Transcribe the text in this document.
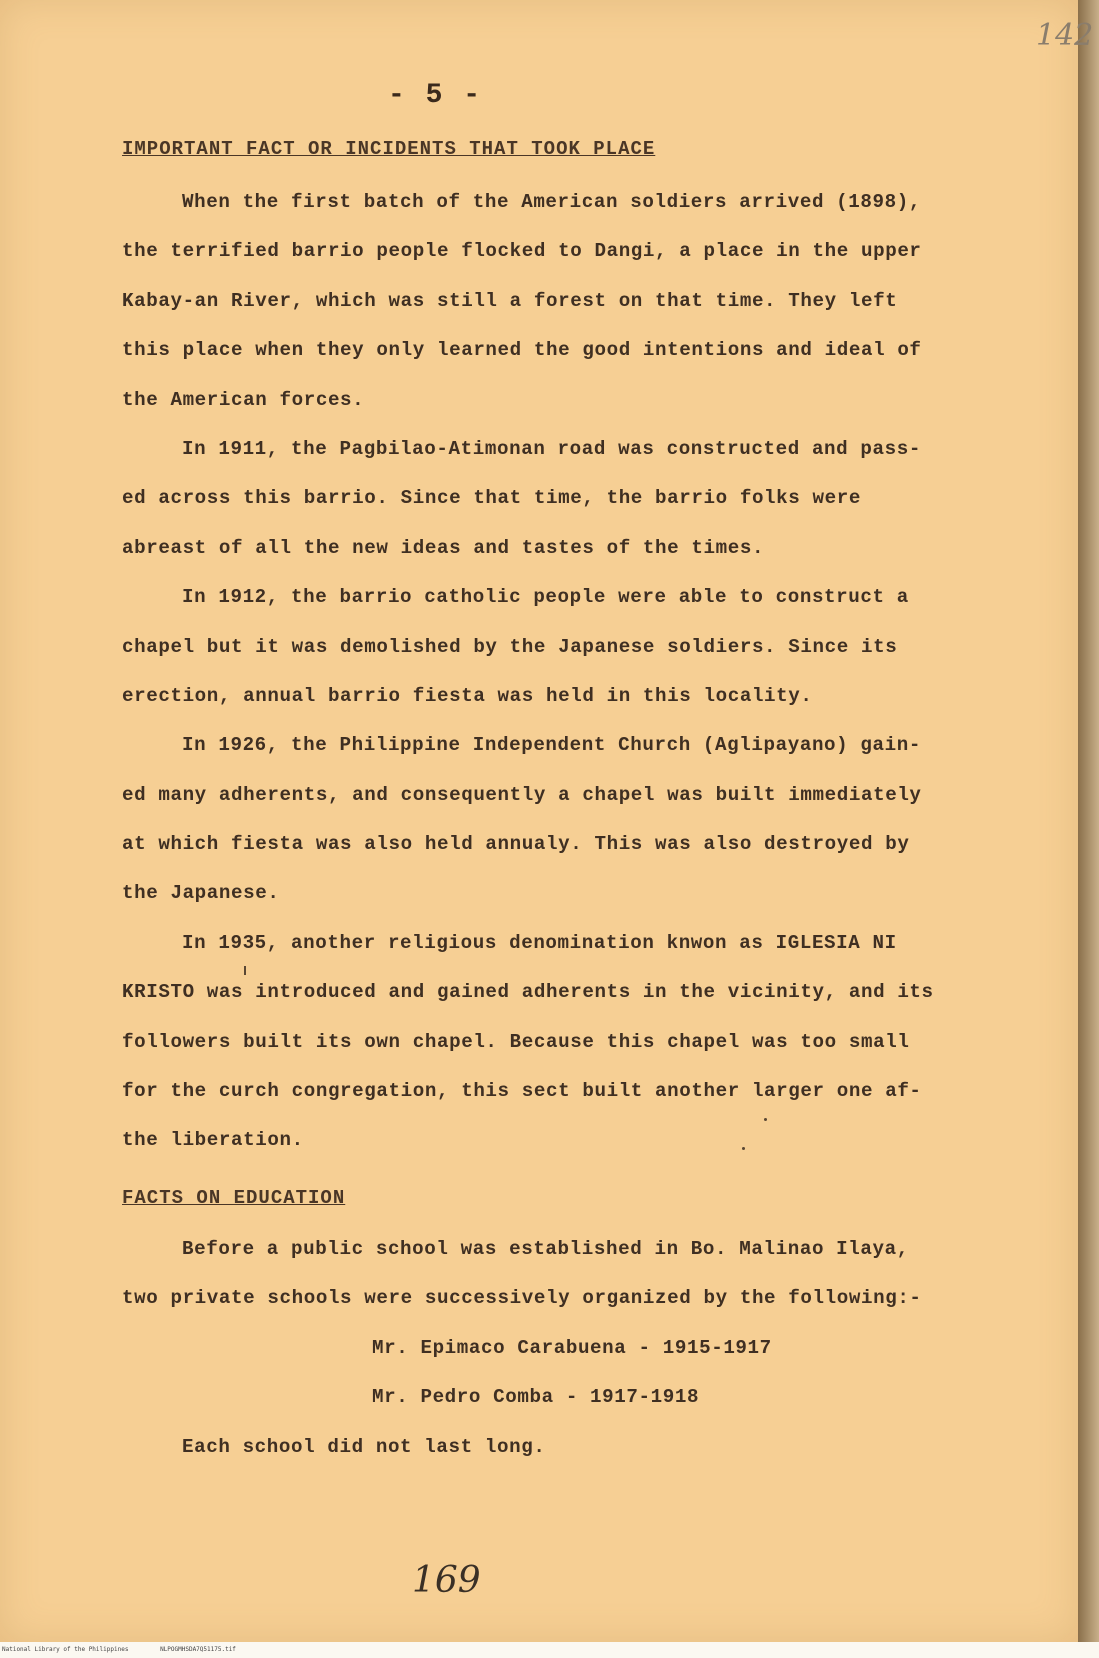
142
- 5 -
IMPORTANT FACT OR INCIDENTS THAT TOOK PLACE
When the first batch of the American soldiers arrived (1898),
the terrified barrio people flocked to Dangi, a place in the upper
Kabay-an River, which was still a forest on that time. They left
this place when they only learned the good intentions and ideal of
the American forces.
In 1911, the Pagbilao-Atimonan road was constructed and pass-
ed across this barrio. Since that time, the barrio folks were
abreast of all the new ideas and tastes of the times.
In 1912, the barrio catholic people were able to construct a
chapel but it was demolished by the Japanese soldiers. Since its
erection, annual barrio fiesta was held in this locality.
In 1926, the Philippine Independent Church (Aglipayano) gain-
ed many adherents, and consequently a chapel was built immediately
at which fiesta was also held annualy. This was also destroyed by
the Japanese.
In 1935, another religious denomination knwon as IGLESIA NI
KRISTO was introduced and gained adherents in the vicinity, and its
followers built its own chapel. Because this chapel was too small
for the curch congregation, this sect built another larger one af-
the liberation.
FACTS ON EDUCATION
Before a public school was established in Bo. Malinao Ilaya,
two private schools were successively organized by the following:-
Mr. Epimaco Carabuena - 1915-1917
Mr. Pedro Comba - 1917-1918
Each school did not last long.
169
National Library of the Philippines	NLPOGMHSDA7Q51175.tif
